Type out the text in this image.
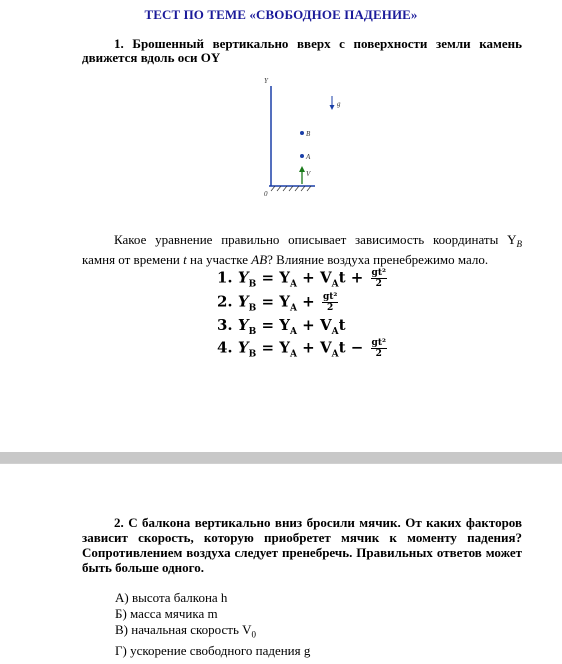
ТЕСТ ПО ТЕМЕ «СВОБОДНОЕ ПАДЕНИЕ»
1. Брошенный вертикально вверх с поверхности земли камень
движется вдоль оси OY
Y
0
g
B
A
V
Какое уравнение правильно описывает зависимость координаты $Y_B$
камня от времени t на участке AB? Влияние воздуха пренебрежимо мало.
1. $Y_B = Y_A + V_At + \frac{\text{gt²}}{2}$
2. $Y_B = Y_A + \frac{\text{gt²}}{2}$
3. $Y_B = Y_A + V_At$
4. $Y_B = Y_A + V_At - \frac{\text{gt²}}{2}$
2. С балконa вертикально вниз бросили мячик. От каких факторов
зависит скорость, которую приобретет мячик к моменту падения? Сопротивлением воздуха следует пренебречь. Правильных ответов может быть больше одного.
А) высота балкона h
Б) масса мячика m
В) начальная скорость $V_0$
Г) ускорение свободного падения g
